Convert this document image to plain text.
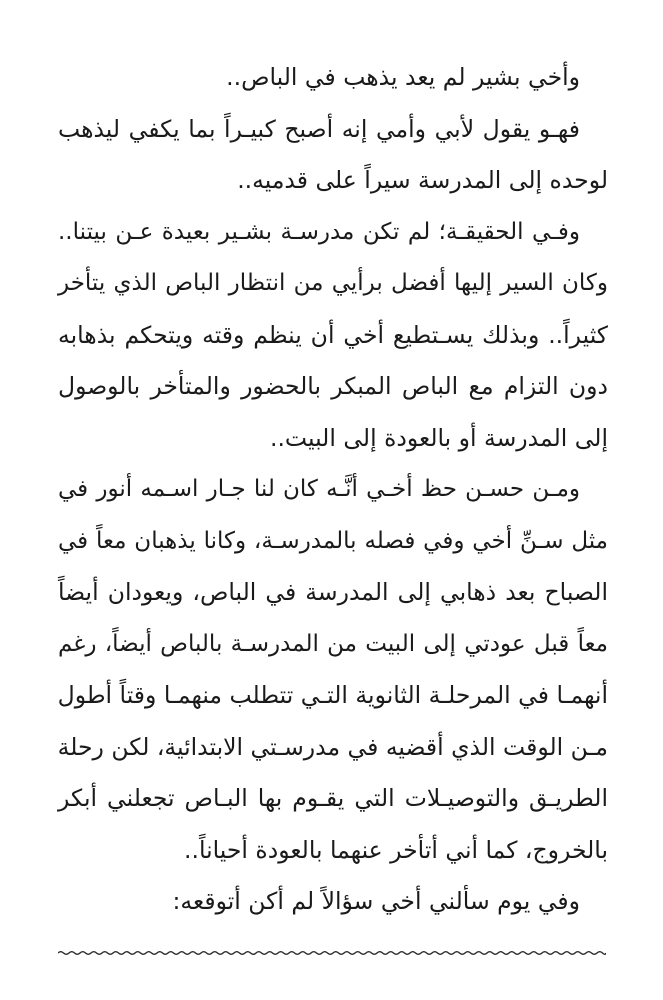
وأخي بشير لم يعد يذهب في الباص..
فهـو يقول لأبي وأمي إنه أصبح كبيـراً بما يكفي ليذهب
لوحده إلى المدرسة سيراً على قدميه..
وفـي الحقيقـة؛ لم تكن مدرسـة بشـير بعيدة عـن بيتنا..
وكان السير إليها أفضل برأيي من انتظار الباص الذي يتأخر
كثيراً.. وبذلك يسـتطيع أخي أن ينظم وقته ويتحكم بذهابه
دون التزام مع الباص المبكر بالحضور والمتأخر بالوصول
إلى المدرسة أو بالعودة إلى البيت..
ومـن حسـن حظ أخـي أنَّـه كان لنا جـار اسـمه أنور في
مثل سـنِّ أخي وفي فصله بالمدرسـة، وكانا يذهبان معاً في
الصباح بعد ذهابي إلى المدرسة في الباص، ويعودان أيضاً
معاً قبل عودتي إلى البيت من المدرسـة بالباص أيضاً، رغم
أنهمـا في المرحلـة الثانوية التـي تتطلب منهمـا وقتاً أطول
مـن الوقت الذي أقضيه في مدرسـتي الابتدائية، لكن رحلة
الطريـق والتوصيـلات التي يقـوم بها البـاص تجعلني أبكر
بالخروج، كما أني أتأخر عنهما بالعودة أحياناً..
وفي يوم سألني أخي سؤالاً لم أكن أتوقعه:
